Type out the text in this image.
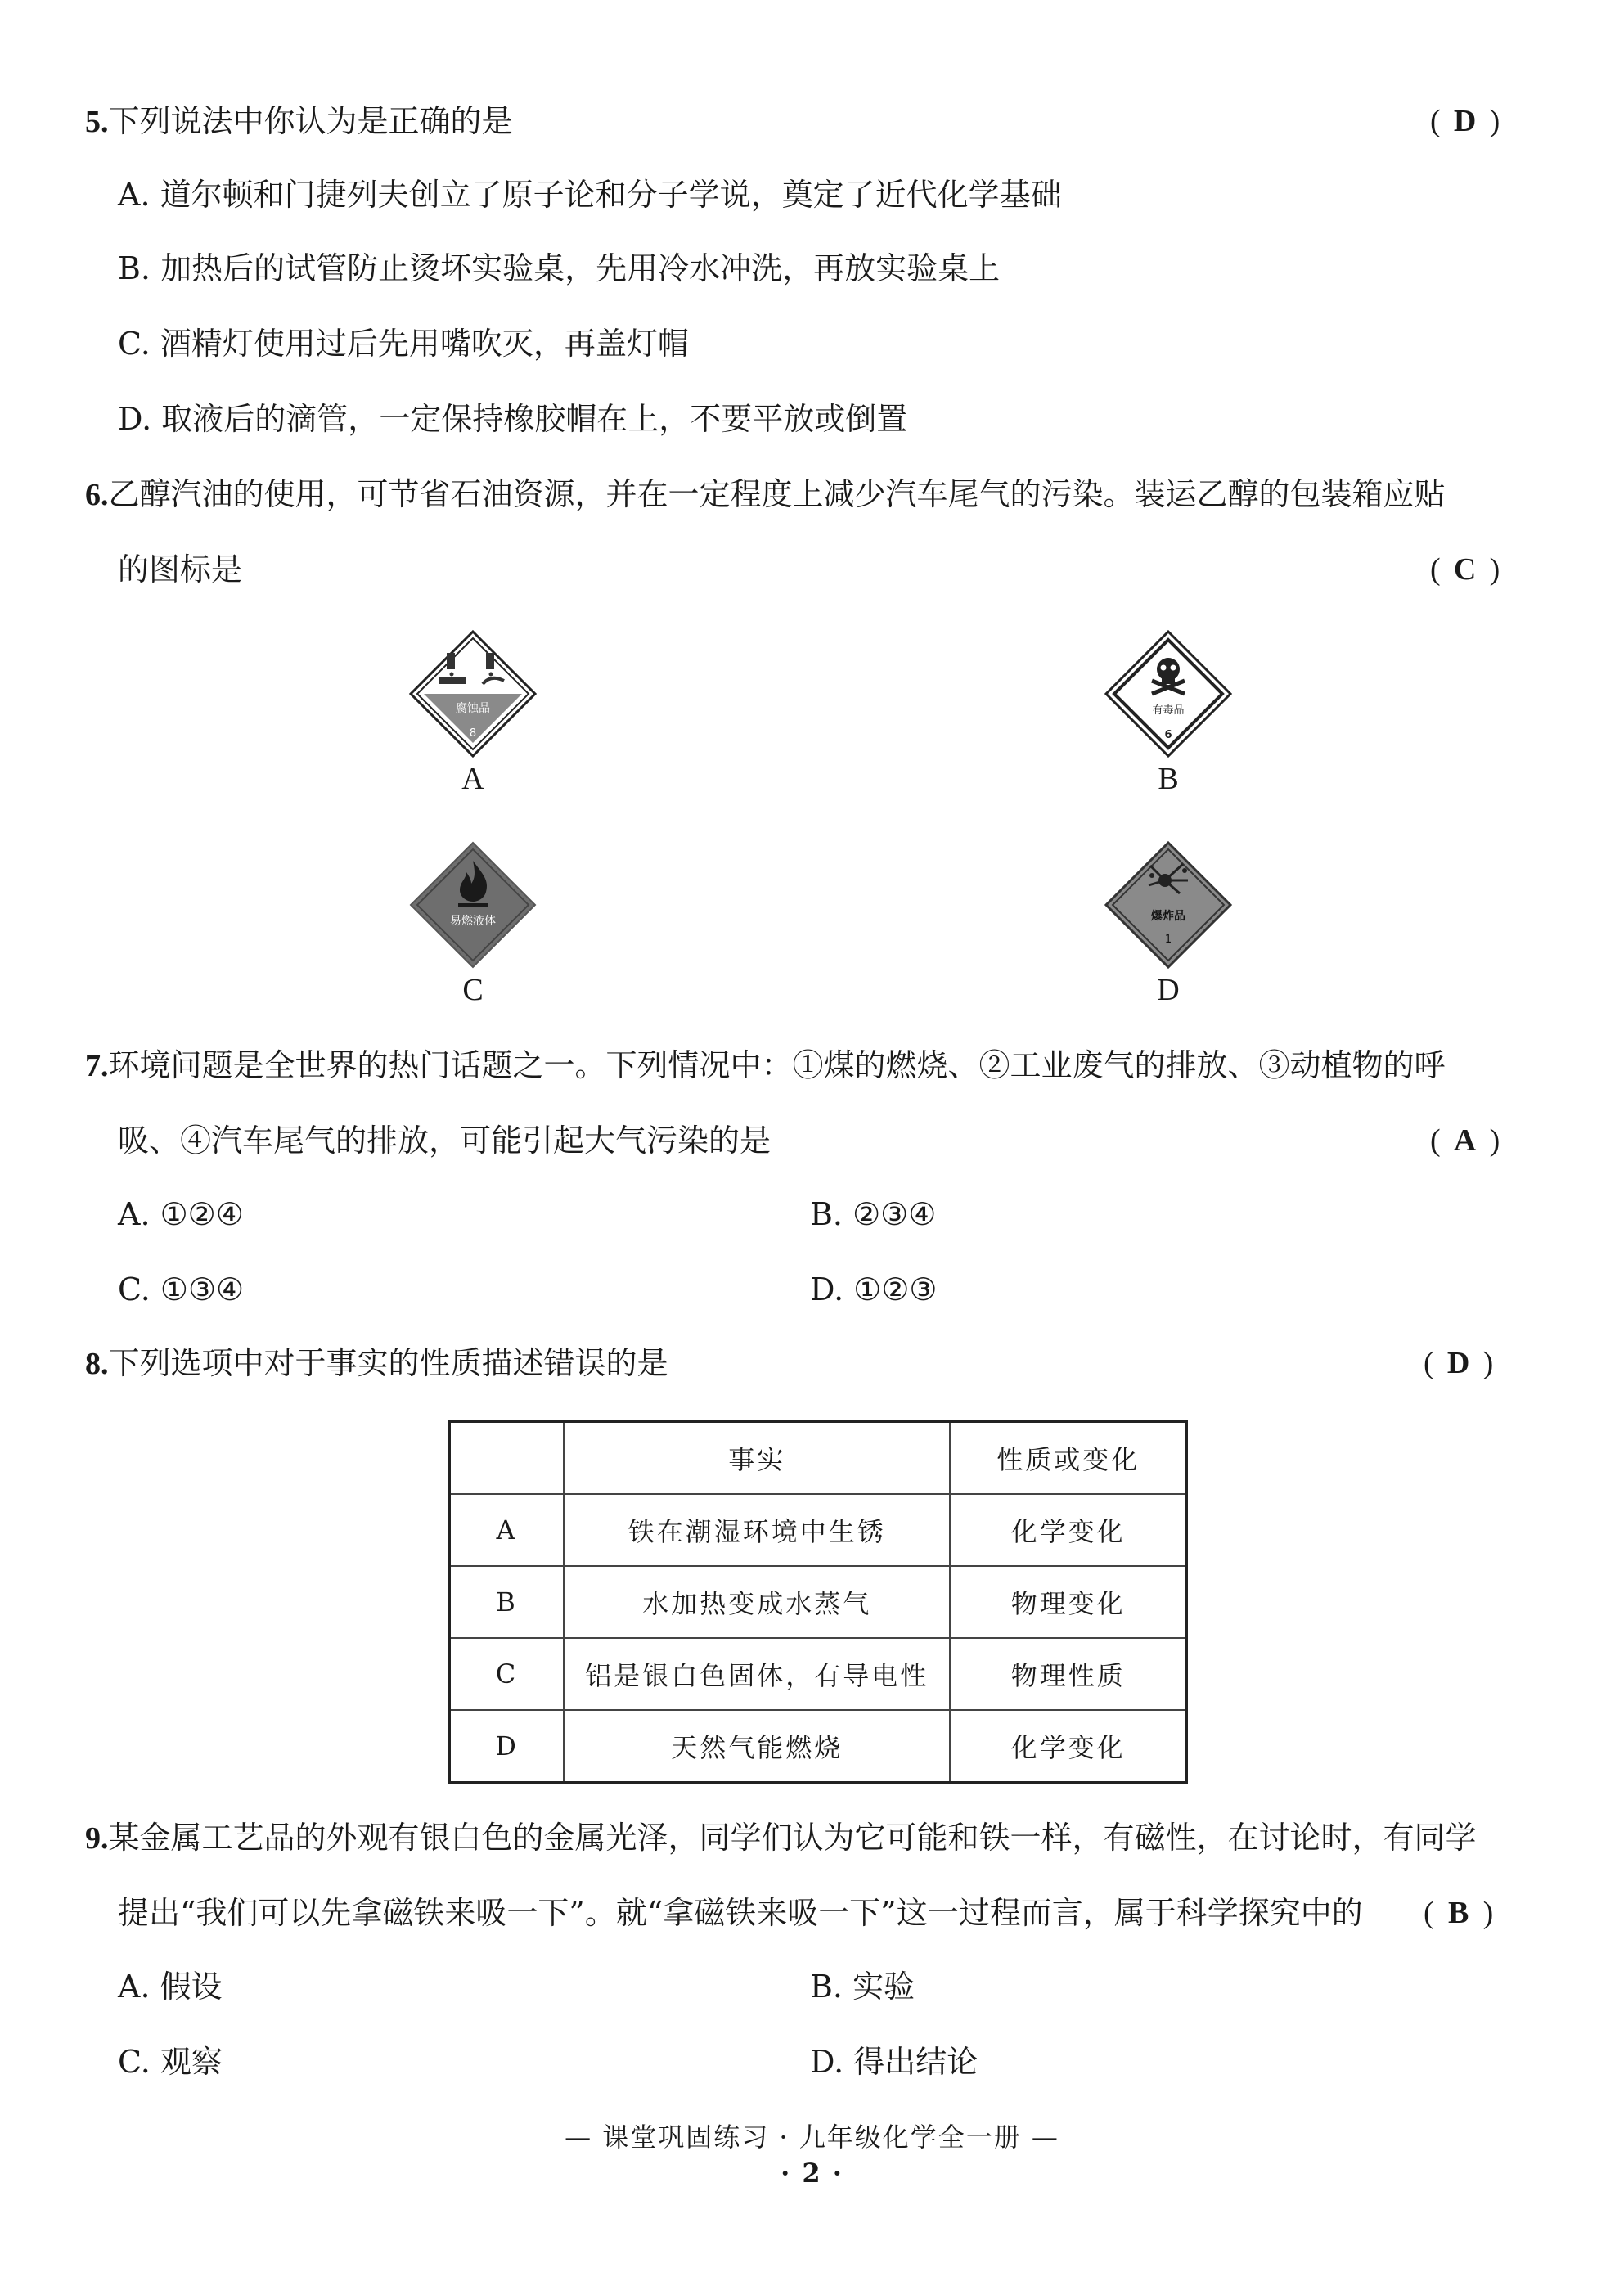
5.下列说法中你认为是正确的是	( D )
A. 道尔顿和门捷列夫创立了原子论和分子学说，奠定了近代化学基础
B. 加热后的试管防止烫坏实验桌，先用冷水冲洗，再放实验桌上
C. 酒精灯使用过后先用嘴吹灭，再盖灯帽
D. 取液后的滴管，一定保持橡胶帽在上，不要平放或倒置
6.乙醇汽油的使用，可节省石油资源，并在一定程度上减少汽车尾气的污染。装运乙醇的包装箱应贴
的图标是	( C )
腐蚀品
8
A
有毒品
6
B
易燃液体
C
爆炸品
1
D
7.环境问题是全世界的热门话题之一。下列情况中：①煤的燃烧、②工业废气的排放、③动植物的呼
吸、④汽车尾气的排放，可能引起大气污染的是	( A )
A. ①②④	B. ②③④
C. ①③④	D. ①②③
8.下列选项中对于事实的性质描述错误的是	( D )
	事实	性质或变化
A	铁在潮湿环境中生锈	化学变化
B	水加热变成水蒸气	物理变化
C	铝是银白色固体，有导电性	物理性质
D	天然气能燃烧	化学变化
9.某金属工艺品的外观有银白色的金属光泽，同学们认为它可能和铁一样，有磁性，在讨论时，有同学
提出“我们可以先拿磁铁来吸一下”。就“拿磁铁来吸一下”这一过程而言，属于科学探究中的 ( B )
A. 假设	B. 实验
C. 观察	D. 得出结论
— 课堂巩固练习 · 九年级化学全一册 —
· 2 ·
